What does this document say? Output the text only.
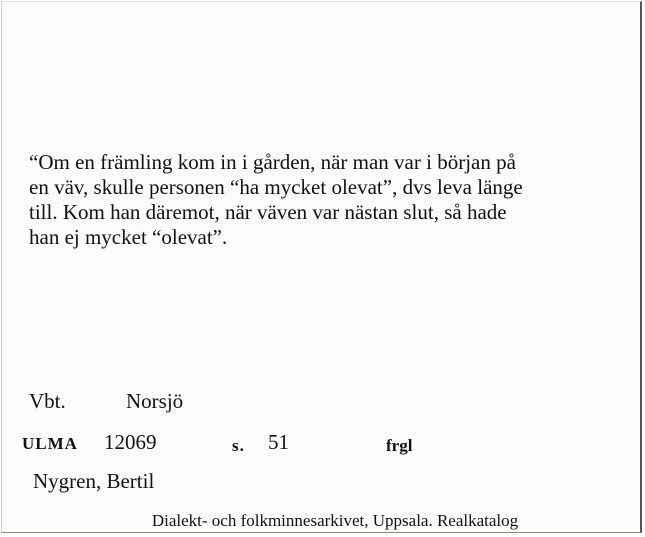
“Om en främling kom in i gården, när man var i början på
en väv, skulle personen “ha mycket olevat”, dvs leva länge
till. Kom han däremot, när väven var nästan slut, så hade
han ej mycket “olevat”.
Vbt.	Norsjö
ULMA 12069	s. 51	frgl
Nygren, Bertil
Dialekt- och folkminnesarkivet, Uppsala. Realkatalog
